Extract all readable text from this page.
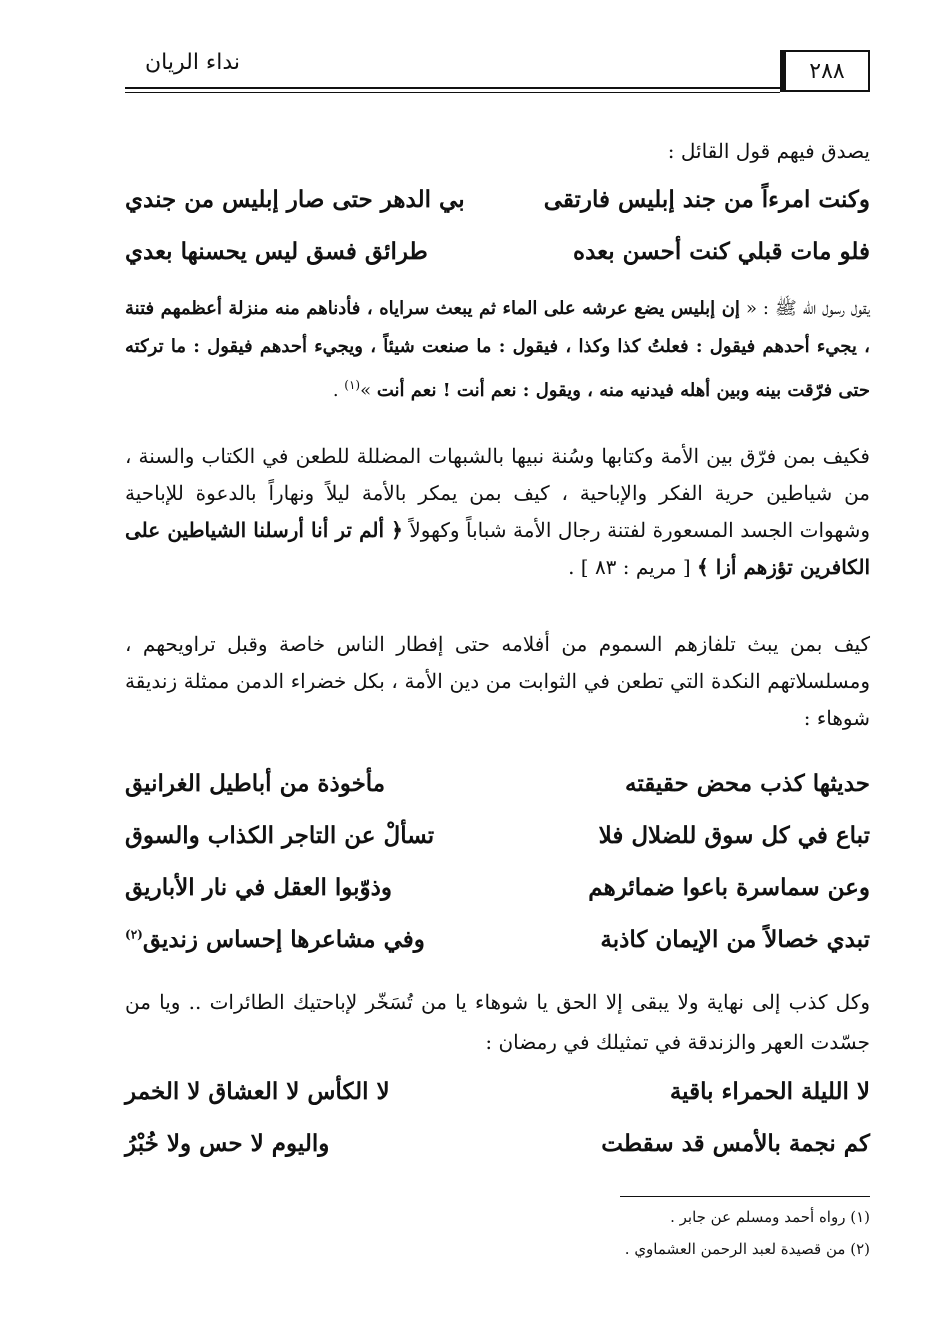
٢٨٨
نداء الريان
يصدق فيهم قول القائل :
وكنت امرءاً من جند إبليس فارتقى
بي الدهر حتى صار إبليس من جندي
فلو مات قبلي كنت أحسن بعده
طرائق فسق ليس يحسنها بعدي
يقول رسول الله ﷺ : « إن إبليس يضع عرشه على الماء ثم يبعث سراياه ، فأدناهم منه منزلة أعظمهم فتنة ، يجيء أحدهم فيقول : فعلتُ كذا وكذا ، فيقول : ما صنعت شيئاً ، ويجيء أحدهم فيقول : ما تركته حتى فرّقت بينه وبين أهله فيدنيه منه ، ويقول : نعم أنت ! نعم أنت »$^{(١)}$ .
فكيف بمن فرّق بين الأمة وكتابها وسُنة نبيها بالشبهات المضللة للطعن في الكتاب والسنة ، من شياطين حرية الفكر والإباحية ، كيف بمن يمكر بالأمة ليلاً ونهاراً بالدعوة للإباحية وشهوات الجسد المسعورة لفتنة رجال الأمة شباباً وكهولاً ﴿ ألم تر أنا أرسلنا الشياطين على الكافرين تؤزهم أزا ﴾ [ مريم : ٨٣ ] .
كيف بمن يبث تلفازهم السموم من أفلامه حتى إفطار الناس خاصة وقبل تراويحهم ، ومسلسلاتهم النكدة التي تطعن في الثوابت من دين الأمة ، بكل خضراء الدمن ممثلة زنديقة شوهاء :
حديثها كذب محض حقيقته
مأخوذة من أباطيل الغرانيق
تباع في كل سوق للضلال فلا
تسألْ عن التاجر الكذاب والسوق
وعن سماسرة باعوا ضمائرهم
وذوّبوا العقل في نار الأباريق
تبدي خصالاً من الإيمان كاذبة
وفي مشاعرها إحساس زنديق$^{(٢)}$
وكل كذب إلى نهاية ولا يبقى إلا الحق يا شوهاء يا من تُسَخّر لإباحتيك الطائرات .. ويا من جسّدت العهر والزندقة في تمثيلك في رمضان :
لا الليلة الحمراء باقية
لا الكأس لا العشاق لا الخمر
كم نجمة بالأمس قد سقطت
واليوم لا حس ولا خُبْرُ
(١) رواه أحمد ومسلم عن جابر .
(٢) من قصيدة لعبد الرحمن العشماوي .
